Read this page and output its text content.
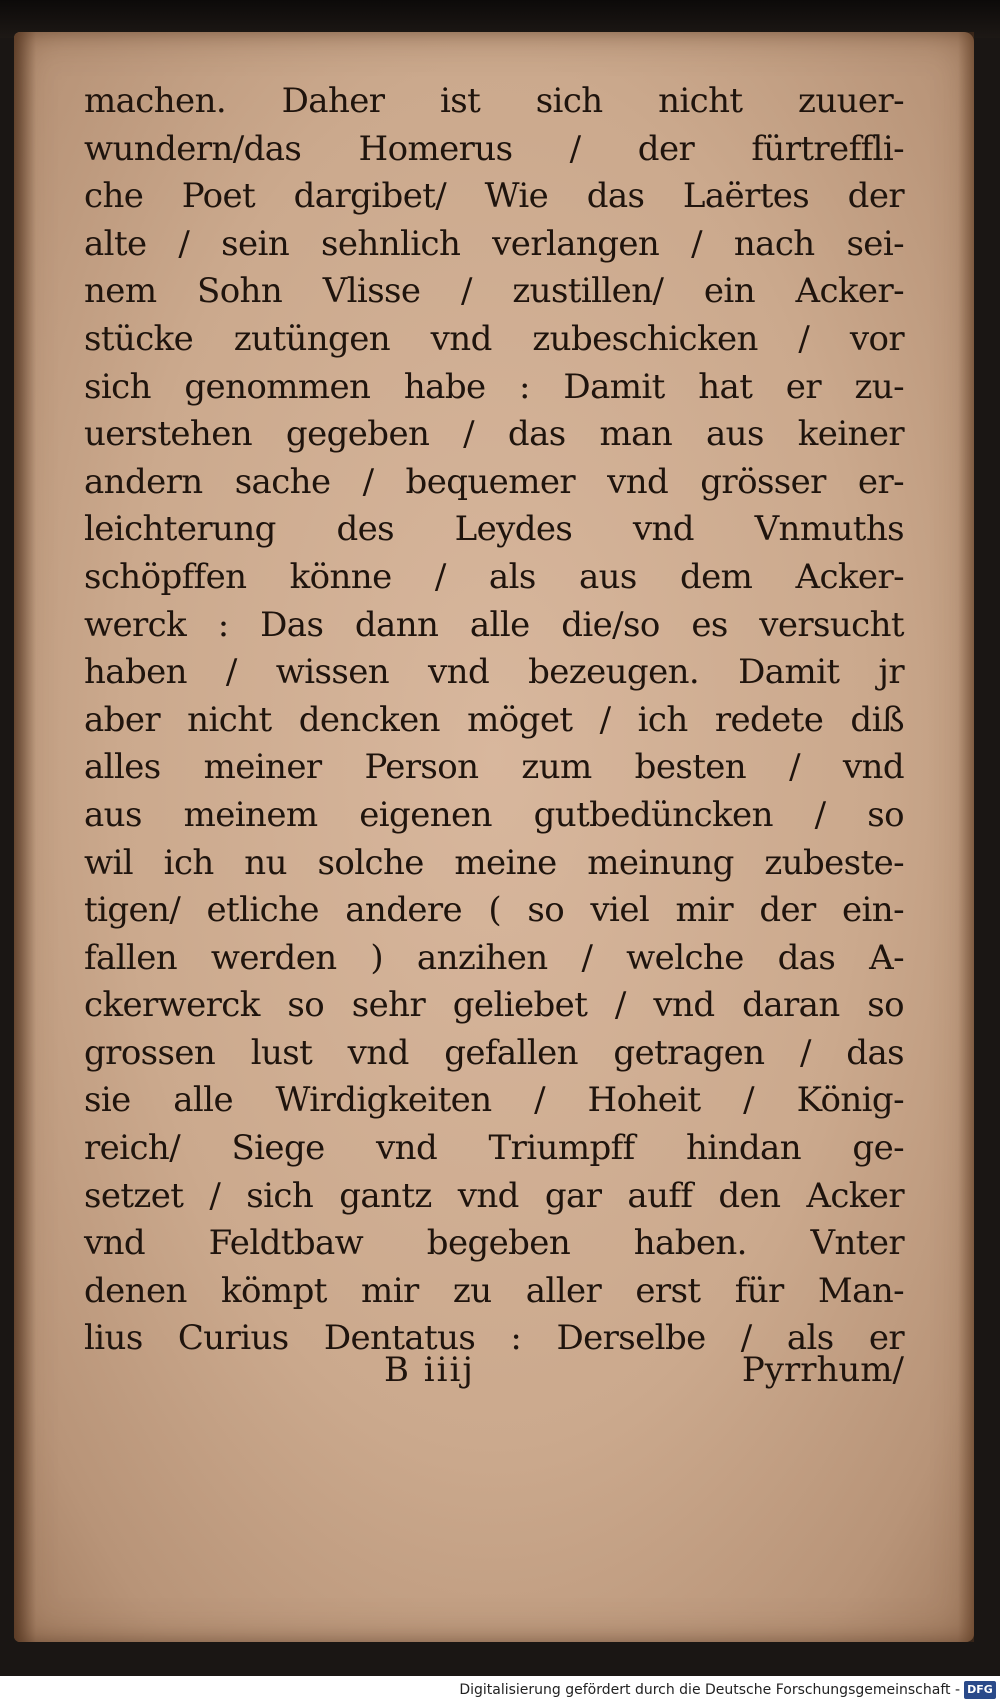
machen. Daher ist sich nicht zuuer-
wundern/das Homerus / der fürtreffli-
che Poet dargibet/ Wie das Laërtes der
alte / sein sehnlich verlangen / nach sei-
nem Sohn Vlisse / zustillen/ ein Acker-
stücke zutüngen vnd zubeschicken / vor
sich genommen habe : Damit hat er zu-
uerstehen gegeben / das man aus keiner
andern sache / bequemer vnd grösser er-
leichterung des Leydes vnd Vnmuths
schöpffen könne / als aus dem Acker-
werck : Das dann alle die/so es versucht
haben / wissen vnd bezeugen. Damit jr
aber nicht dencken möget / ich redete diß
alles meiner Person zum besten / vnd
aus meinem eigenen gutbedüncken / so
wil ich nu solche meine meinung zubeste-
tigen/ etliche andere ( so viel mir der ein-
fallen werden ) anzihen / welche das A-
ckerwerck so sehr geliebet / vnd daran so
grossen lust vnd gefallen getragen / das
sie alle Wirdigkeiten / Hoheit / König-
reich/ Siege vnd Triumpff hindan ge-
setzet / sich gantz vnd gar auff den Acker
vnd Feldtbaw begeben haben. Vnter
denen kömpt mir zu aller erst für Man-
lius Curius Dentatus : Derselbe / als er
B iiij	Pyrrhum/
Digitalisierung gefördert durch die Deutsche Forschungsgemeinschaft - DFG
